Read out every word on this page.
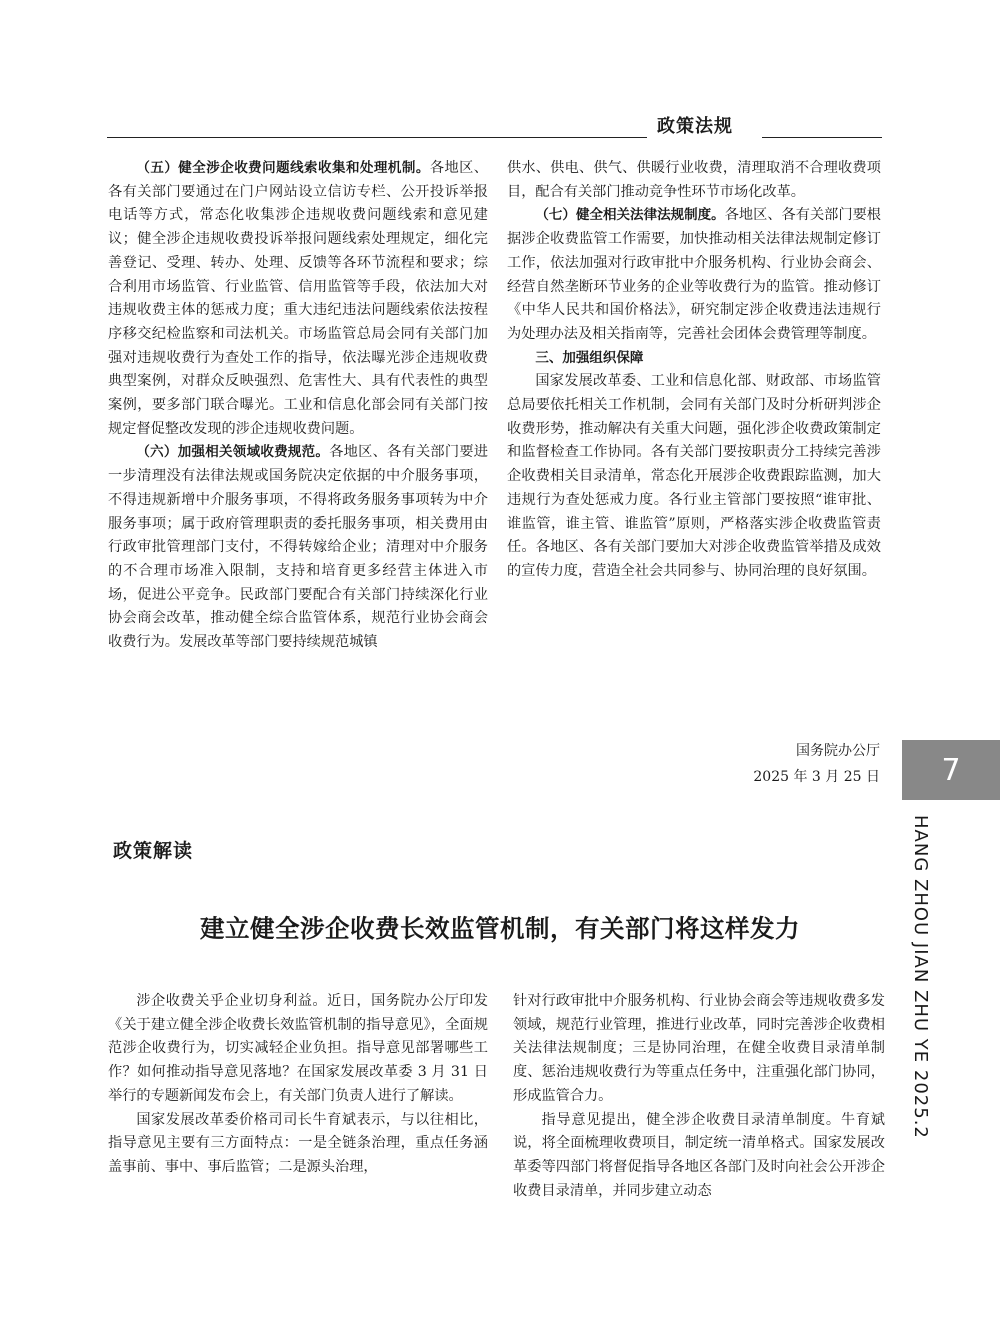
政策法规

（五）健全涉企收费问题线索收集和处理机制。各地区、各有关部门要通过在门户网站设立信访专栏、公开投诉举报电话等方式，常态化收集涉企违规收费问题线索和意见建议；健全涉企违规收费投诉举报问题线索处理规定，细化完善登记、受理、转办、处理、反馈等各环节流程和要求；综合利用市场监管、行业监管、信用监管等手段，依法加大对违规收费主体的惩戒力度；重大违纪违法问题线索依法按程序移交纪检监察和司法机关。市场监管总局会同有关部门加强对违规收费行为查处工作的指导，依法曝光涉企违规收费典型案例，对群众反映强烈、危害性大、具有代表性的典型案例，要多部门联合曝光。工业和信息化部会同有关部门按规定督促整改发现的涉企违规收费问题。

（六）加强相关领域收费规范。各地区、各有关部门要进一步清理没有法律法规或国务院决定依据的中介服务事项，不得违规新增中介服务事项，不得将政务服务事项转为中介服务事项；属于政府管理职责的委托服务事项，相关费用由行政审批管理部门支付，不得转嫁给企业；清理对中介服务的不合理市场准入限制，支持和培育更多经营主体进入市场，促进公平竞争。民政部门要配合有关部门持续深化行业协会商会改革，推动健全综合监管体系，规范行业协会商会收费行为。发展改革等部门要持续规范城镇

供水、供电、供气、供暖行业收费，清理取消不合理收费项目，配合有关部门推动竞争性环节市场化改革。

（七）健全相关法律法规制度。各地区、各有关部门要根据涉企收费监管工作需要，加快推动相关法律法规制定修订工作，依法加强对行政审批中介服务机构、行业协会商会、经营自然垄断环节业务的企业等收费行为的监管。推动修订《中华人民共和国价格法》，研究制定涉企收费违法违规行为处理办法及相关指南等，完善社会团体会费管理等制度。

三、加强组织保障

国家发展改革委、工业和信息化部、财政部、市场监管总局要依托相关工作机制，会同有关部门及时分析研判涉企收费形势，推动解决有关重大问题，强化涉企收费政策制定和监督检查工作协同。各有关部门要按职责分工持续完善涉企收费相关目录清单，常态化开展涉企收费跟踪监测，加大违规行为查处惩戒力度。各行业主管部门要按照“谁审批、谁监管，谁主管、谁监管”原则，严格落实涉企收费监管责任。各地区、各有关部门要加大对涉企收费监管举措及成效的宣传力度，营造全社会共同参与、协同治理的良好氛围。

国务院办公厅
2025 年 3 月 25 日 7
HANG ZHOU JIAN ZHU YE 2025.2
政策解读
建立健全涉企收费长效监管机制，有关部门将这样发力

涉企收费关乎企业切身利益。近日，国务院办公厅印发《关于建立健全涉企收费长效监管机制的指导意见》，全面规范涉企收费行为，切实减轻企业负担。指导意见部署哪些工作？如何推动指导意见落地？在国家发展改革委 3 月 31 日举行的专题新闻发布会上，有关部门负责人进行了解读。

国家发展改革委价格司司长牛育斌表示，与以往相比，指导意见主要有三方面特点：一是全链条治理，重点任务涵盖事前、事中、事后监管；二是源头治理，

针对行政审批中介服务机构、行业协会商会等违规收费多发领域，规范行业管理，推进行业改革，同时完善涉企收费相关法律法规制度；三是协同治理，在健全收费目录清单制度、惩治违规收费行为等重点任务中，注重强化部门协同，形成监管合力。

指导意见提出，健全涉企收费目录清单制度。牛育斌说，将全面梳理收费项目，制定统一清单格式。国家发展改革委等四部门将督促指导各地区各部门及时向社会公开涉企收费目录清单，并同步建立动态
